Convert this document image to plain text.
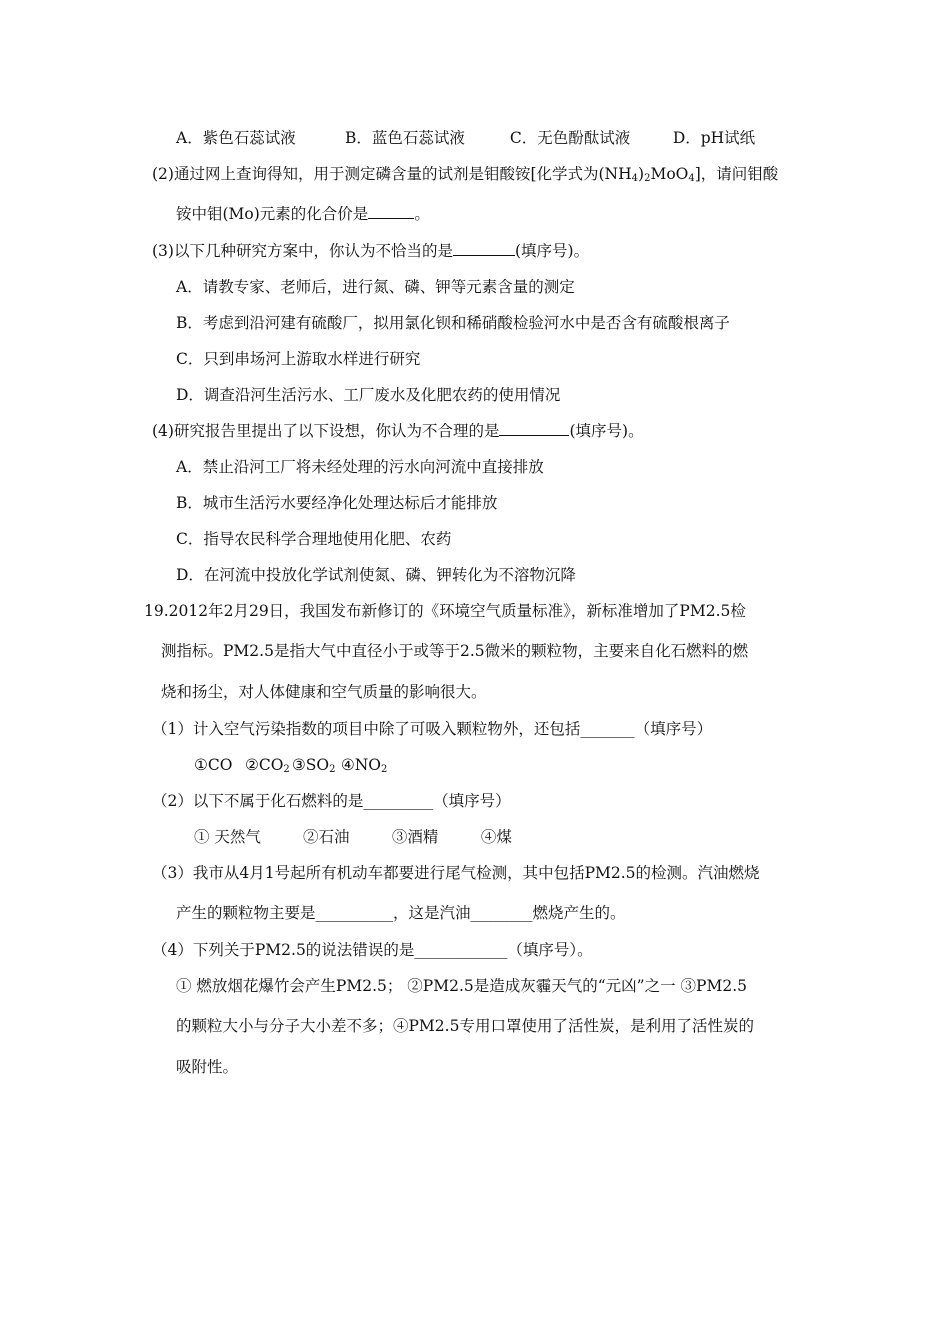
A．紫色石蕊试液	B．蓝色石蕊试液	C．无色酚酞试液	D．pH试纸
(2)通过网上查询得知，用于测定磷含量的试剂是钼酸铵[化学式为$(NH_4)_2MoO_4$]，请问钼酸
铵中钼(Mo)元素的化合价是	。
(3)以下几种研究方案中，你认为不恰当的是	(填序号)。
A．请教专家、老师后，进行氮、磷、钾等元素含量的测定
B．考虑到沿河建有硫酸厂，拟用氯化钡和稀硝酸检验河水中是否含有硫酸根离子
C．只到串场河上游取水样进行研究
D．调查沿河生活污水、工厂废水及化肥农药的使用情况
(4)研究报告里提出了以下设想，你认为不合理的是	(填序号)。
A．禁止沿河工厂将未经处理的污水向河流中直接排放
B．城市生活污水要经净化处理达标后才能排放
C．指导农民科学合理地使用化肥、农药
D．在河流中投放化学试剂使氮、磷、钾转化为不溶物沉降
19.2012年2月29日，我国发布新修订的《环境空气质量标准》，新标准增加了PM2.5检
测指标。PM2.5是指大气中直径小于或等于2.5微米的颗粒物，主要来自化石燃料的燃
烧和扬尘，对人体健康和空气质量的影响很大。
（1）计入空气污染指数的项目中除了可吸入颗粒物外，还包括_______（填序号）
①CO $②CO_2$ $③SO_2$ $④NO_2$
（2）以下不属于化石燃料的是_________（填序号）
① 天然气	②石油	③酒精	④煤
（3）我市从4月1号起所有机动车都要进行尾气检测，其中包括PM2.5的检测。汽油燃烧
产生的颗粒物主要是__________，这是汽油________燃烧产生的。
（4）下列关于PM2.5的说法错误的是____________（填序号）。
① 燃放烟花爆竹会产生PM2.5； ②PM2.5是造成灰霾天气的“元凶”之一 ③PM2.5
的颗粒大小与分子大小差不多；④PM2.5专用口罩使用了活性炭，是利用了活性炭的
吸附性。
